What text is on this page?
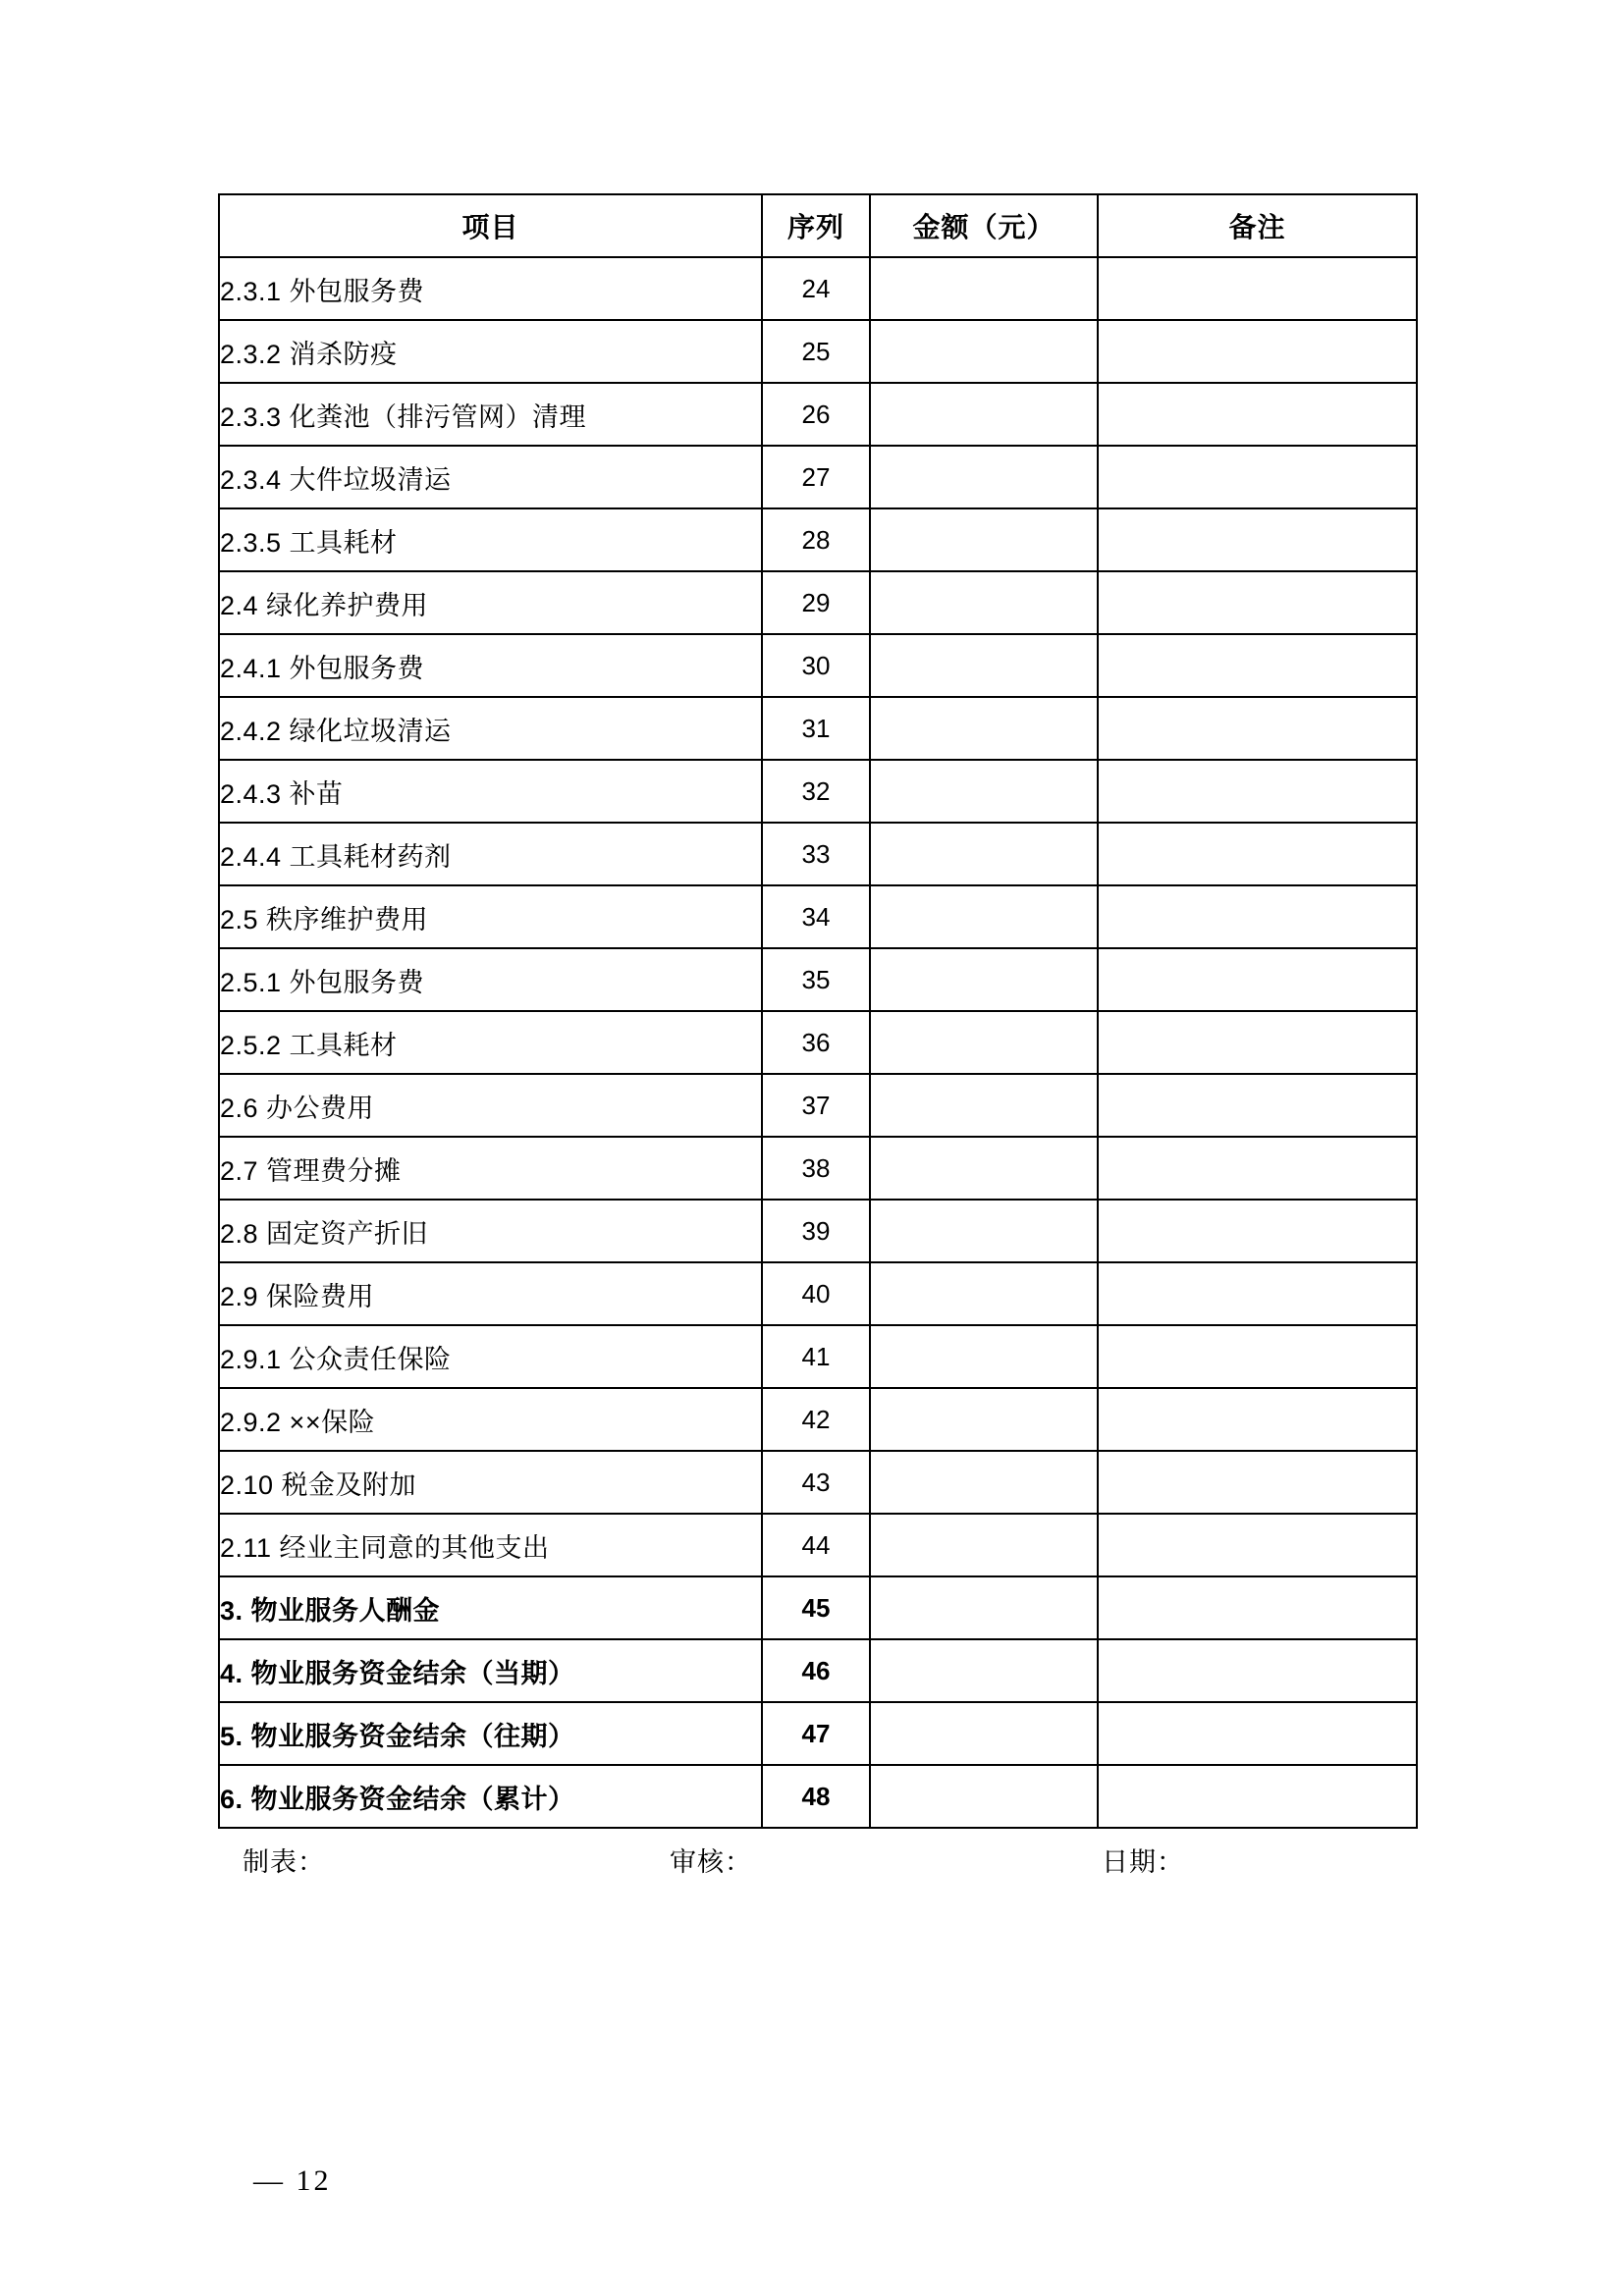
项目	序列	金额（元）	备注
2.3.1 外包服务费	24		
2.3.2 消杀防疫	25		
2.3.3 化粪池（排污管网）清理	26		
2.3.4 大件垃圾清运	27		
2.3.5 工具耗材	28		
2.4 绿化养护费用	29		
2.4.1 外包服务费	30		
2.4.2 绿化垃圾清运	31		
2.4.3 补苗	32		
2.4.4 工具耗材药剂	33		
2.5 秩序维护费用	34		
2.5.1 外包服务费	35		
2.5.2 工具耗材	36		
2.6 办公费用	37		
2.7 管理费分摊	38		
2.8 固定资产折旧	39		
2.9 保险费用	40		
2.9.1 公众责任保险	41		
2.9.2 ××保险	42		
2.10 税金及附加	43		
2.11 经业主同意的其他支出	44		
3. 物业服务人酬金	45		
4. 物业服务资金结余（当期）	46		
5. 物业服务资金结余（往期）	47		
6. 物业服务资金结余（累计）	48		
制表：	审核：	日期：
— 12
